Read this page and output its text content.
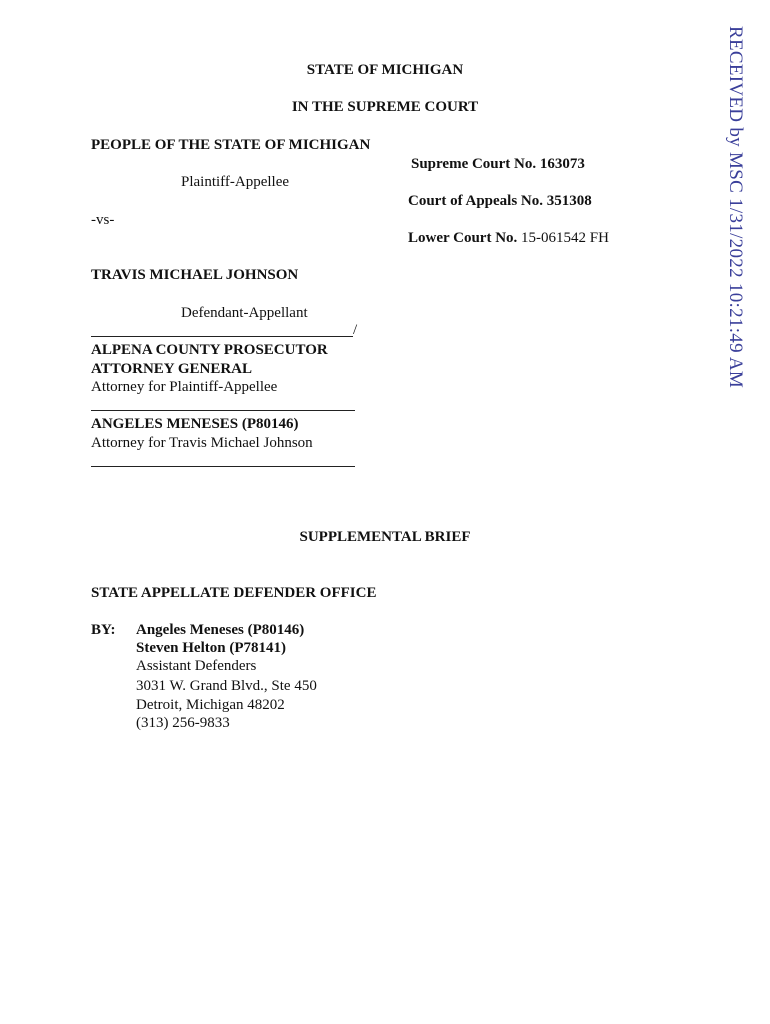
STATE OF MICHIGAN
IN THE SUPREME COURT
PEOPLE OF THE STATE OF MICHIGAN
Plaintiff-Appellee
-vs-
TRAVIS MICHAEL JOHNSON
Defendant-Appellant
/
Supreme Court No. 163073
Court of Appeals No. 351308
Lower Court No. 15-061542 FH
ALPENA COUNTY PROSECUTOR
ATTORNEY GENERAL
Attorney for Plaintiff-Appellee
ANGELES MENESES (P80146)
Attorney for Travis Michael Johnson
SUPPLEMENTAL BRIEF
STATE APPELLATE DEFENDER OFFICE
BY: Angeles Meneses (P80146)
Steven Helton (P78141)
Assistant Defenders
3031 W. Grand Blvd., Ste 450
Detroit, Michigan 48202
(313) 256-9833
RECEIVED by MSC 1/31/2022 10:21:49 AM
